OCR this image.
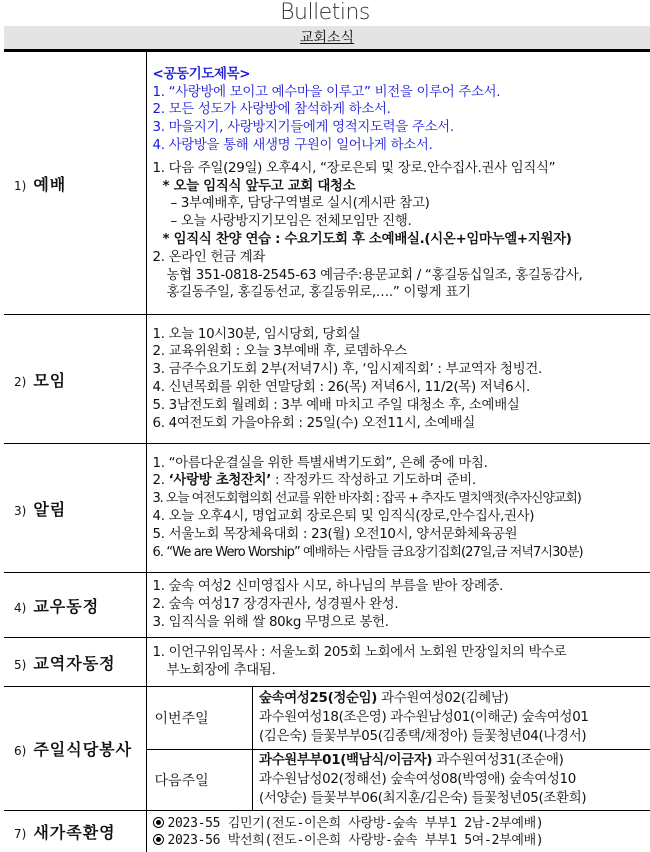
Bulletins
교회소식
1) 예배	
<공동기도제목>
1. “사랑방에 모이고 예수마을 이루고” 비전을 이루어 주소서.
2. 모든 성도가 사랑방에 참석하게 하소서.
3. 마을지기, 사랑방지기들에게 영적지도력을 주소서.
4. 사랑방을 통해 새생명 구원이 일어나게 하소서.
1. 다음 주일(29일) 오후4시, “장로은퇴 및 장로.안수집사.권사 임직식”
* 오늘 임직식 앞두고 교회 대청소
– 3부예배후, 담당구역별로 실시(게시판 참고)
– 오늘 사랑방지기모임은 전체모임만 진행.
* 임직식 찬양 연습 : 수요기도회 후 소예배실.(시온+임마누엘+지원자)
2. 온라인 헌금 계좌
농협 351-0818-2545-63 예금주:용문교회 / “홍길동십일조, 홍길동감사,
홍길동주일, 홍길동선교, 홍길동위로,….” 이렇게 표기

2) 모임	
1. 오늘 10시30분, 임시당회, 당회실
2. 교육위원회 : 오늘 3부예배 후, 로뎀하우스
3. 금주수요기도회 2부(저녁7시) 후, ‘임시제직회’ : 부교역자 청빙건.
4. 신년목회를 위한 연말당회 : 26(목) 저녁6시, 11/2(목) 저녁6시.
5. 3남전도회 월례회 : 3부 예배 마치고 주일 대청소 후, 소예배실
6. 4여전도회 가을야유회 : 25일(수) 오전11시, 소예배실

3) 알림	
1. “아름다운결실을 위한 특별새벽기도회”, 은혜 중에 마침.
2. ‘사랑방 초청잔치’ : 작정카드 작성하고 기도하며 준비.
3. 오늘 여전도회협의회 선교를 위한 바자회 : 잡곡 + 추자도 멸치액젓(추자신양교회)
4. 오늘 오후4시, 명업교회 장로은퇴 및 임직식(장로,안수집사,권사)
5. 서울노회 목장체육대회 : 23(월) 오전10시, 양서문화체육공원
6. “We are Wero Worship” 예배하는 사람들 금요장기집회(27일,금 저녁7시30분)

4) 교우동정	
1. 숲속 여성2 신미영집사 시모, 하나님의 부름을 받아 장례중.
2. 숲속 여성17 장경자권사, 성경필사 완성.
3. 임직식을 위해 쌀 80kg 무명으로 봉헌.

5) 교역자동정	
1. 이언구위임목사 : 서울노회 205회 노회에서 노회원 만장일치의 박수로
부노회장에 추대됨.

6) 주일식당봉사	
이번주일	
숲속여성25(정순임) 과수원여성02(김혜남)
과수원여성18(조은영) 과수원남성01(이해군) 숲속여성01
(김은숙) 들꽃부부05(김종택/채정아) 들꽃청년04(나경서)

다음주일	
과수원부부01(백남식/이금자) 과수원여성31(조순애)
과수원남성02(정해선) 숲속여성08(박영애) 숲속여성10
(서양순) 들꽃부부06(최지훈/김은숙) 들꽃청년05(조환희)

7) 새가족환영	2023-55 김민기(전도-이은희 사랑방-숲속 부부1 2남-2부예배)
2023-56 박선희(전도-이은희 사랑방-숲속 부부1 5여-2부예배)
